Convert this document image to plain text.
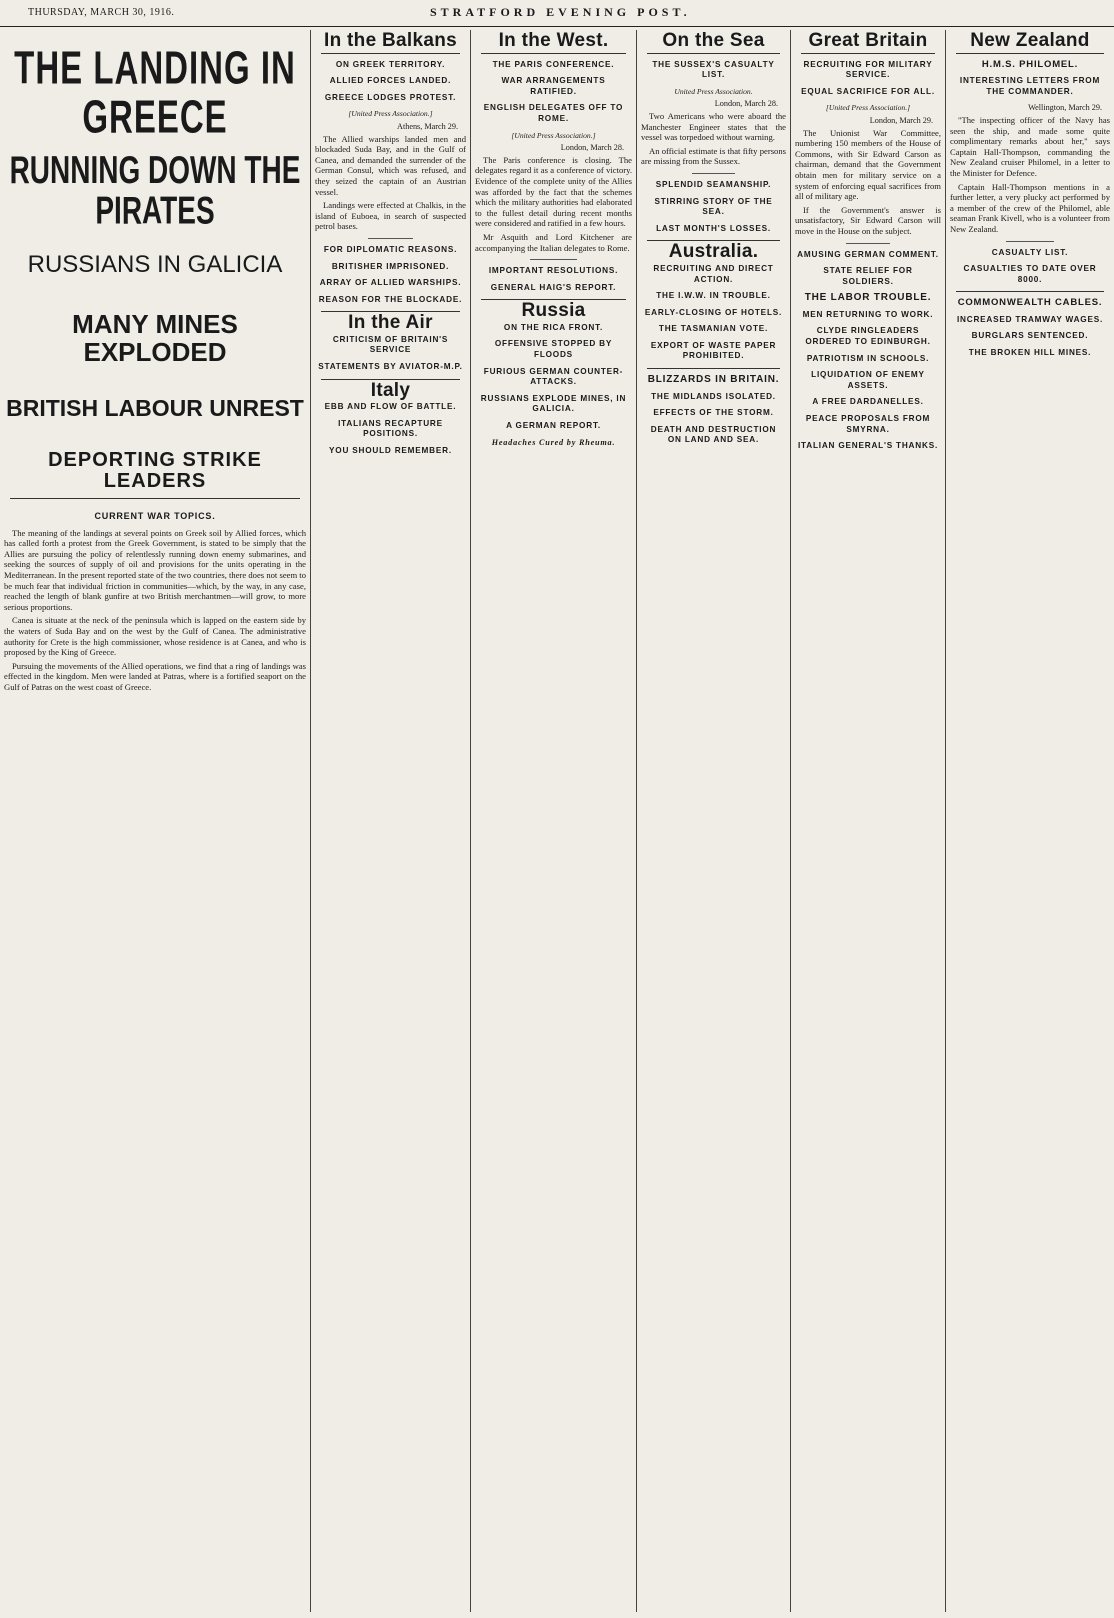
THURSDAY, MARCH 30, 1916.	STRATFORD EVENING POST.
THE LANDING IN GREECE
RUNNING DOWN THE PIRATES
RUSSIANS IN GALICIA
MANY MINES EXPLODED
BRITISH LABOUR UNREST
DEPORTING STRIKE LEADERS
CURRENT WAR TOPICS.

The meaning of the landings at several points on Greek soil by Allied forces, which has called forth a protest from the Greek Government, is stated to be simply that the Allies are pursuing the policy of relentlessly running down enemy submarines, and seeking the sources of supply of oil and provisions for the units operating in the Mediterranean. In the present reported state of the two countries, there does not seem to be much fear that individual friction in communities—which, by the way, in any case, reached the length of blank gunfire at two British merchantmen—will grow, to more serious proportions.

Canea is situate at the neck of the peninsula which is lapped on the eastern side by the waters of Suda Bay and on the west by the Gulf of Canea. The administrative authority for Crete is the high commissioner, whose residence is at Canea, and who is proposed by the King of Greece.

Pursuing the movements of the Allied operations, we find that a ring of landings was effected in the kingdom. Men were landed at Patras, where is a fortified seaport on the Gulf of Patras on the west coast of Greece.

In the Balkans
ON GREEK TERRITORY.
ALLIED FORCES LANDED.
GREECE LODGES PROTEST.
[United Press Association.]
Athens, March 29.

The Allied warships landed men and blockaded Suda Bay, and in the Gulf of Canea, and demanded the surrender of the German Consul, which was refused, and they seized the captain of an Austrian vessel.

Landings were effected at Chalkis, in the island of Euboea, in search of suspected petrol bases.

FOR DIPLOMATIC REASONS.
BRITISHER IMPRISONED.
ARRAY OF ALLIED WARSHIPS.
REASON FOR THE BLOCKADE.
In the Air
CRITICISM OF BRITAIN'S SERVICE
STATEMENTS BY AVIATOR-M.P.
Italy
EBB AND FLOW OF BATTLE.
ITALIANS RECAPTURE POSITIONS.
YOU SHOULD REMEMBER.
In the West.
THE PARIS CONFERENCE.
WAR ARRANGEMENTS RATIFIED.
ENGLISH DELEGATES OFF TO ROME.
[United Press Association.]
London, March 28.

The Paris conference is closing. The delegates regard it as a conference of victory. Evidence of the complete unity of the Allies was afforded by the fact that the schemes which the military authorities had elaborated to the fullest detail during recent months were considered and ratified in a few hours.

Mr Asquith and Lord Kitchener are accompanying the Italian delegates to Rome.

IMPORTANT RESOLUTIONS.
GENERAL HAIG'S REPORT.
Russia
ON THE RICA FRONT.
OFFENSIVE STOPPED BY FLOODS
FURIOUS GERMAN COUNTER-ATTACKS.
RUSSIANS EXPLODE MINES, IN GALICIA.
A GERMAN REPORT.
Headaches Cured by Rheuma.
On the Sea
THE SUSSEX'S CASUALTY LIST.
United Press Association.
London, March 28.

Two Americans who were aboard the Manchester Engineer states that the vessel was torpedoed without warning.

An official estimate is that fifty persons are missing from the Sussex.

SPLENDID SEAMANSHIP.
STIRRING STORY OF THE SEA.
LAST MONTH'S LOSSES.
Australia.
RECRUITING AND DIRECT ACTION.
THE I.W.W. IN TROUBLE.
EARLY-CLOSING OF HOTELS.
THE TASMANIAN VOTE.
EXPORT OF WASTE PAPER PROHIBITED.
BLIZZARDS IN BRITAIN.
THE MIDLANDS ISOLATED.
EFFECTS OF THE STORM.
DEATH AND DESTRUCTION ON LAND AND SEA.
Great Britain
RECRUITING FOR MILITARY SERVICE.
EQUAL SACRIFICE FOR ALL.
[United Press Association.]
London, March 29.

The Unionist War Committee, numbering 150 members of the House of Commons, with Sir Edward Carson as chairman, demand that the Government obtain men for military service on a system of enforcing equal sacrifices from all of military age.

If the Government's answer is unsatisfactory, Sir Edward Carson will move in the House on the subject.

AMUSING GERMAN COMMENT.
STATE RELIEF FOR SOLDIERS.
THE LABOR TROUBLE.
MEN RETURNING TO WORK.
CLYDE RINGLEADERS ORDERED TO EDINBURGH.
PATRIOTISM IN SCHOOLS.
LIQUIDATION OF ENEMY ASSETS.
A FREE DARDANELLES.
PEACE PROPOSALS FROM SMYRNA.
ITALIAN GENERAL'S THANKS.
New Zealand
H.M.S. PHILOMEL.
INTERESTING LETTERS FROM THE COMMANDER.
Wellington, March 29.

"The inspecting officer of the Navy has seen the ship, and made some quite complimentary remarks about her," says Captain Hall-Thompson, commanding the New Zealand cruiser Philomel, in a letter to the Minister for Defence.

Captain Hall-Thompson mentions in a further letter, a very plucky act performed by a member of the crew of the Philomel, able seaman Frank Kivell, who is a volunteer from New Zealand.

CASUALTY LIST.
CASUALTIES TO DATE OVER 8000.
COMMONWEALTH CABLES.
INCREASED TRAMWAY WAGES.
BURGLARS SENTENCED.
THE BROKEN HILL MINES.
